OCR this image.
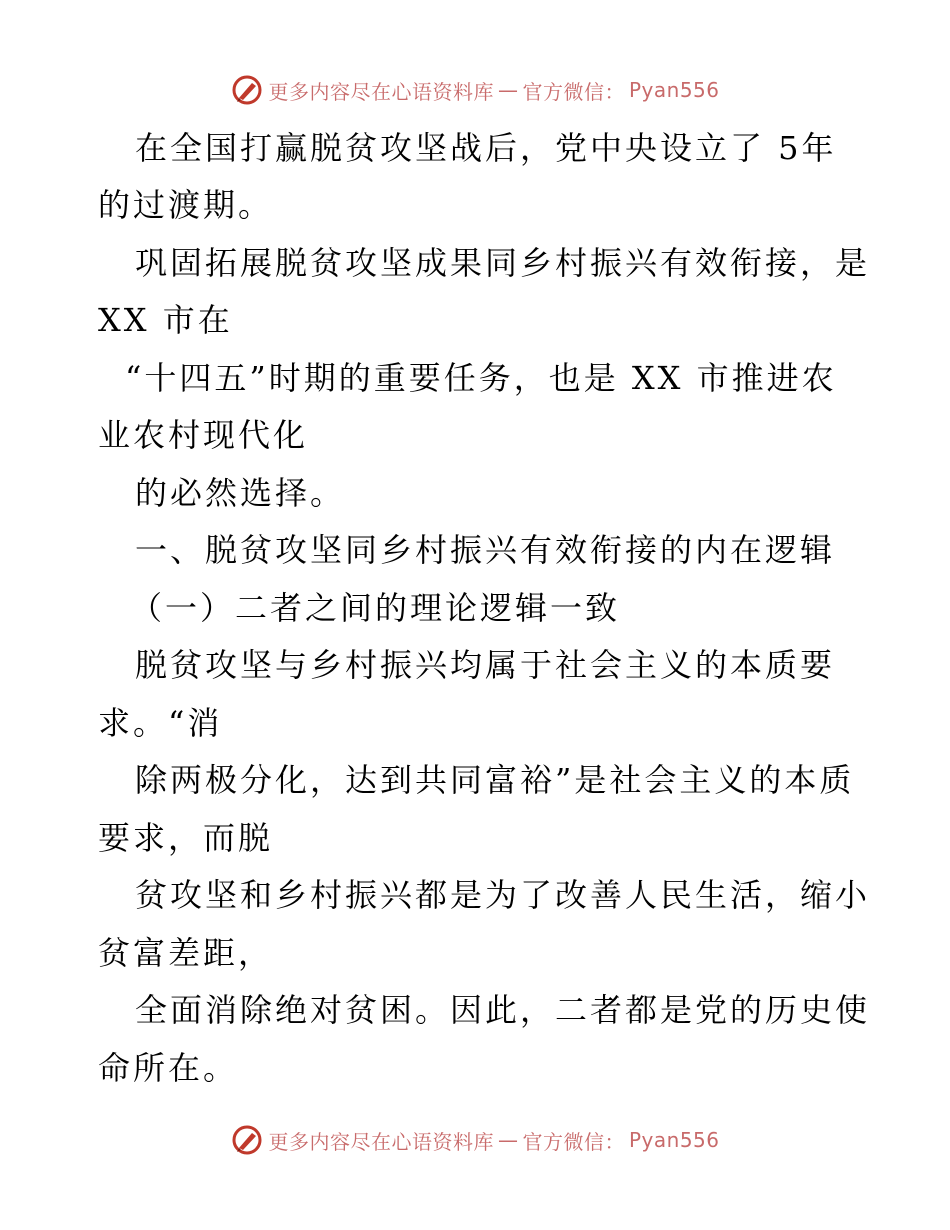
更多内容尽在心语资料库 — 官方微信： Pyan556
在全国打赢脱贫攻坚战后，党中央设立了 5年
的过渡期。
巩固拓展脱贫攻坚成果同乡村振兴有效衔接，是
XX 市在
“十四五”时期的重要任务，也是 XX 市推进农
业农村现代化
的必然选择。
一、脱贫攻坚同乡村振兴有效衔接的内在逻辑
（一）二者之间的理论逻辑一致
脱贫攻坚与乡村振兴均属于社会主义的本质要
求。“消
除两极分化，达到共同富裕”是社会主义的本质
要求，而脱
贫攻坚和乡村振兴都是为了改善人民生活，缩小
贫富差距，
全面消除绝对贫困。因此，二者都是党的历史使
命所在。
更多内容尽在心语资料库 — 官方微信： Pyan556
